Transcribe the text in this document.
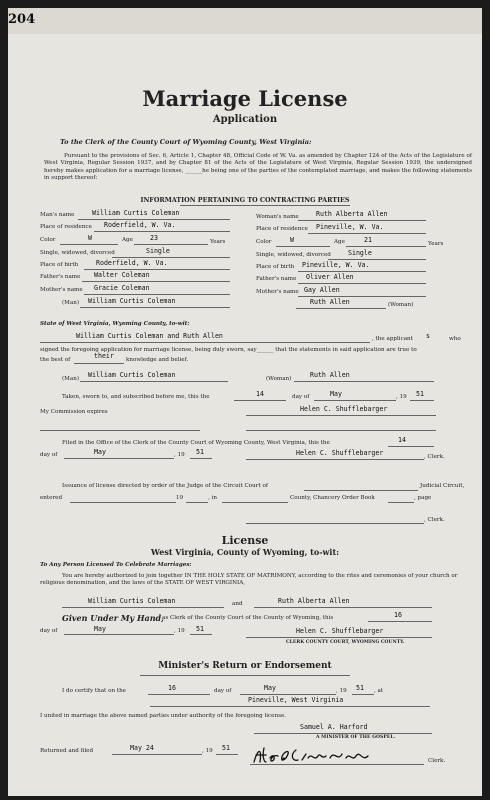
204
Marriage License
Application
To the Clerk of the County Court of Wyoming County, West Virginia:
Pursuant to the provisions of Sec. 6, Article 1, Chapter 48, Official Code of W. Va. as amended by Chapter 124 of the Acts of the Legislature of West Virginia, Regular Session 1937, and by Chapter 81 of the Acts of the Legislature of West Virginia, Regular Session 1939, the undersigned hereby makes application for a marriage license, ______he being one of the parties of the contemplated marriage, and makes the following statements in support thereof:
INFORMATION PERTAINING TO CONTRACTING PARTIES
Man's name	William Curtis Coleman
Place of residence Roderfield, W. Va.
Color	W	Age	23	Years
Single, widowed, divorced	Single
Place of birth	Roderfield, W. Va.
Father's name Walter Coleman
Mother's name Gracie Coleman
(Man) William Curtis Coleman
Woman's name	Ruth Alberta Allen
Place of residence Pineville, W. Va.
Color	W	Age	21	Years
Single, widowed, divorced	Single
Place of birth Pineville, W. Va.
Father's name Oliver Allen
Mother's name Gay Allen
Ruth Allen	(Woman)
State of West Virginia, Wyoming County, to-wit:
William Curtis Coleman and Ruth Allen	, the applicant s	who
signed the foregoing application for marriage license, being duly sworn, say______ that the statements in said application are true to
the best of	their knowledge and belief.
(Man) William Curtis Coleman	(Woman)	Ruth Allen
Taken, sworn to, and subscribed before me, this the	14	day of	May	, 19 51
My Commission expires	Helen C. Shufflebarger
Filed in the Office of the Clerk of the County Court of Wyoming County, West Virginia, this the	14
day of	May	, 19 51	Helen C. Shufflebarger	, Clerk.
Issuance of license directed by order of the Judge of the Circuit Court of	Judicial Circuit,
entered	19	, in	County, Chancery Order Book	, page
, Clerk.
License
West Virginia, County of Wyoming, to-wit:
To Any Person Licensed To Celebrate Marriages:
You are hereby authorized to join together IN THE HOLY STATE OF MATRIMONY, according to the rites and ceremonies of your church or religious denomination, and the laws of the STATE OF WEST VIRGINIA,
William Curtis Coleman	and	Ruth Alberta Allen
Given Under My Hand,
as Clerk of the County Court of the County of Wyoming, this	16
day of	May	, 19 51	Helen C. Shufflebarger
CLERK COUNTY COURT, WYOMING COUNTY.
Minister's Return or Endorsement
I do certify that on the	16	day of	May	, 19 51 , at
Pineville, West Virginia
I united in marriage the above named parties under authority of the foregoing license.
Samuel A. Harford
A MINISTER OF THE GOSPEL.
Returned and filed	May 24	, 19 51
Clerk.
